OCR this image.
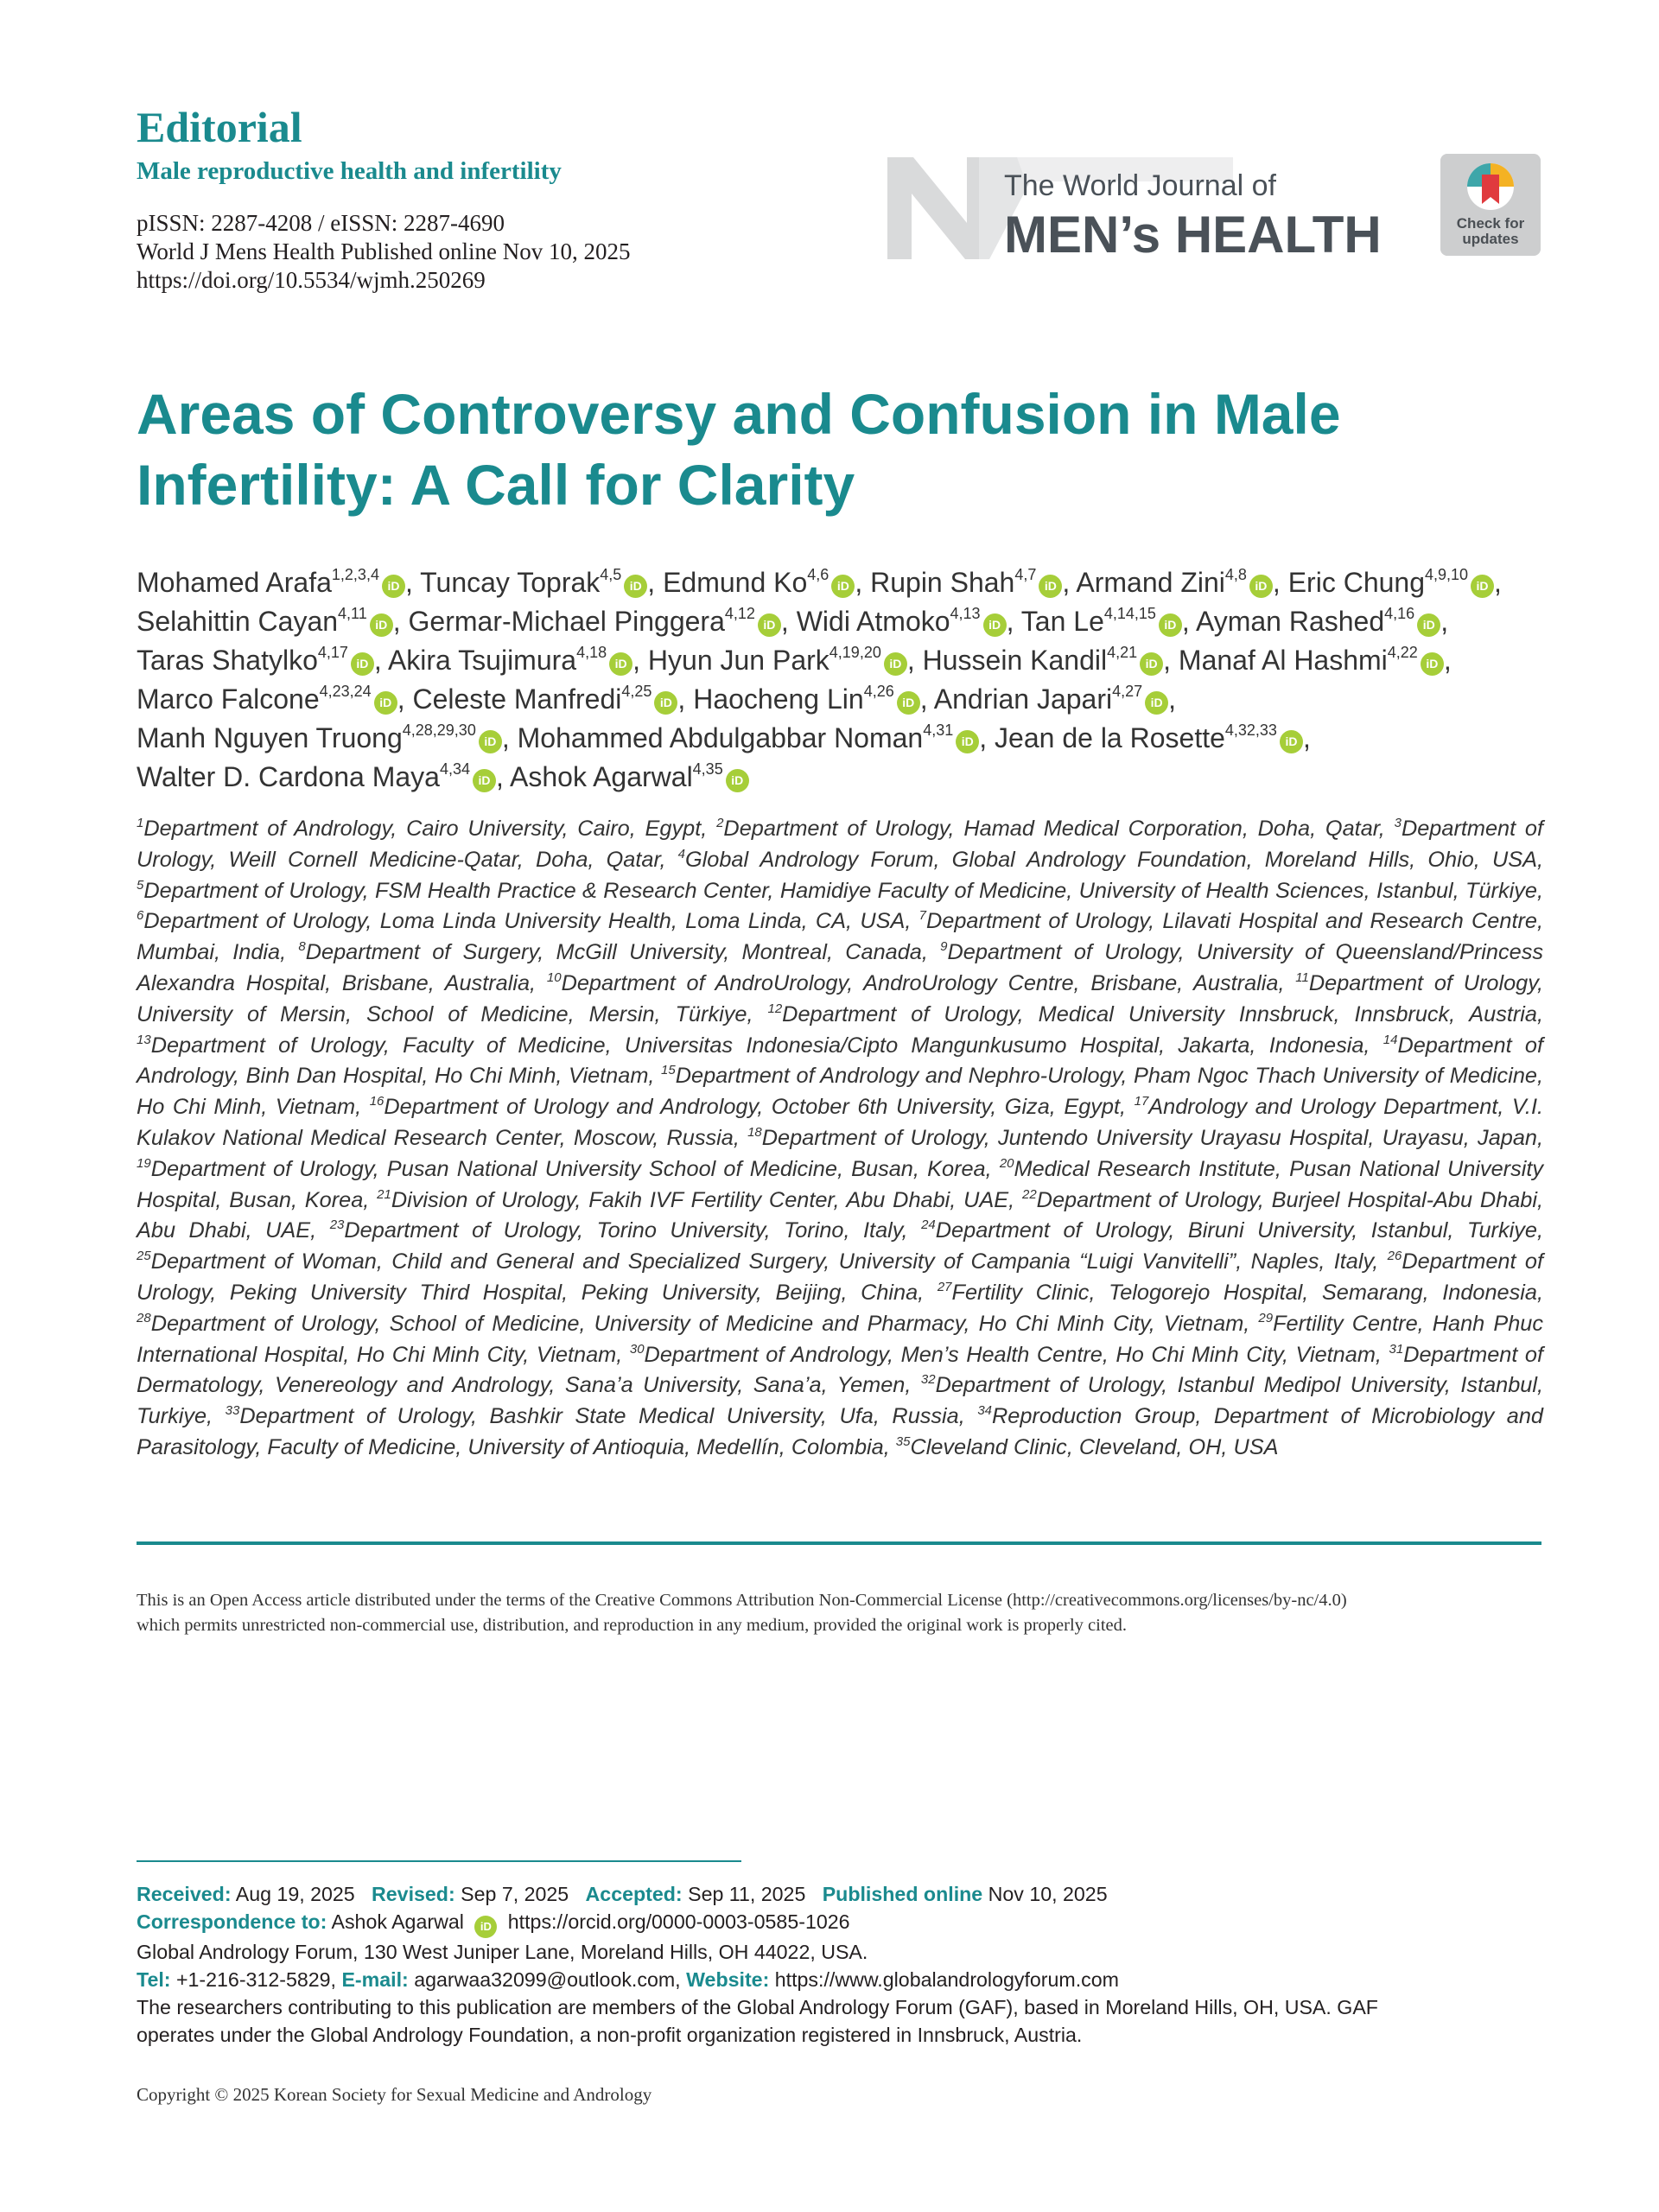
Editorial
Male reproductive health and infertility
pISSN: 2287-4208 / eISSN: 2287-4690
World J Mens Health Published online Nov 10, 2025
https://doi.org/10.5534/wjmh.250269
The World Journal of
MEN’s HEALTH	Check for
updates
Areas of Controversy and Confusion in Male
Infertility: A Call for Clarity
Mohamed Arafa$^{1,2,3,4}$iD , Tuncay Toprak$^{4,5}$iD , Edmund Ko$^{4,6}$iD , Rupin Shah$^{4,7}$iD , Armand Zini$^{4,8}$iD , Eric Chung$^{4,9,10}$iD , Selahittin Cayan$^{4,11}$iD , Germar-Michael Pinggera$^{4,12}$iD , Widi Atmoko$^{4,13}$iD , Tan Le$^{4,14,15}$iD , Ayman Rashed$^{4,16}$iD , Taras Shatylko$^{4,17}$iD , Akira Tsujimura$^{4,18}$iD , Hyun Jun Park$^{4,19,20}$iD , Hussein Kandil$^{4,21}$iD , Manaf Al Hashmi$^{4,22}$iD , Marco Falcone$^{4,23,24}$iD , Celeste Manfredi$^{4,25}$iD , Haocheng Lin$^{4,26}$iD , Andrian Japari$^{4,27}$iD , Manh Nguyen Truong$^{4,28,29,30}$iD , Mohammed Abdulgabbar Noman$^{4,31}$iD , Jean de la Rosette$^{4,32,33}$iD , Walter D. Cardona Maya$^{4,34}$iD , Ashok Agarwal$^{4,35}$iD
$^1$Department of Andrology, Cairo University, Cairo, Egypt, $^2$Department of Urology, Hamad Medical Corporation, Doha, Qatar, $^3$Department of Urology, Weill Cornell Medicine-Qatar, Doha, Qatar, $^4$Global Andrology Forum, Global Andrology Foundation, Moreland Hills, Ohio, USA, $^5$Department of Urology, FSM Health Practice & Research Center, Hamidiye Faculty of Medicine, University of Health Sciences, Istanbul, Türkiye, $^6$Department of Urology, Loma Linda University Health, Loma Linda, CA, USA, $^7$Department of Urology, Lilavati Hospital and Research Centre, Mumbai, India, $^8$Department of Surgery, McGill University, Montreal, Canada, $^9$Department of Urology, University of Queensland/Princess Alexandra Hospital, Brisbane, Australia, $^{10}$Department of AndroUrology, AndroUrology Centre, Brisbane, Australia, $^{11}$Department of Urology, University of Mersin, School of Medicine, Mersin, Türkiye, $^{12}$Department of Urology, Medical University Innsbruck, Innsbruck, Austria, $^{13}$Department of Urology, Faculty of Medicine, Universitas Indonesia/Cipto Mangunkusumo Hospital, Jakarta, Indonesia, $^{14}$Department of Andrology, Binh Dan Hospital, Ho Chi Minh, Vietnam, $^{15}$Department of Andrology and Nephro-Urology, Pham Ngoc Thach University of Medicine, Ho Chi Minh, Vietnam, $^{16}$Department of Urology and Andrology, October 6th University, Giza, Egypt, $^{17}$Andrology and Urology Department, V.I. Kulakov National Medical Research Center, Moscow, Russia, $^{18}$Department of Urology, Juntendo University Urayasu Hospital, Urayasu, Japan, $^{19}$Department of Urology, Pusan National University School of Medicine, Busan, Korea, $^{20}$Medical Research Institute, Pusan National University Hospital, Busan, Korea, $^{21}$Division of Urology, Fakih IVF Fertility Center, Abu Dhabi, UAE, $^{22}$Department of Urology, Burjeel Hospital-Abu Dhabi, Abu Dhabi, UAE, $^{23}$Department of Urology, Torino University, Torino, Italy, $^{24}$Department of Urology, Biruni University, Istanbul, Turkiye, $^{25}$Department of Woman, Child and General and Specialized Surgery, University of Campania “Luigi Vanvitelli”, Naples, Italy, $^{26}$Department of Urology, Peking University Third Hospital, Peking University, Beijing, China, $^{27}$Fertility Clinic, Telogorejo Hospital, Semarang, Indonesia, $^{28}$Department of Urology, School of Medicine, University of Medicine and Pharmacy, Ho Chi Minh City, Vietnam, $^{29}$Fertility Centre, Hanh Phuc International Hospital, Ho Chi Minh City, Vietnam, $^{30}$Department of Andrology, Men’s Health Centre, Ho Chi Minh City, Vietnam, $^{31}$Department of Dermatology, Venereology and Andrology, Sana’a University, Sana’a, Yemen, $^{32}$Department of Urology, Istanbul Medipol University, Istanbul, Turkiye, $^{33}$Department of Urology, Bashkir State Medical University, Ufa, Russia, $^{34}$Reproduction Group, Department of Microbiology and Parasitology, Faculty of Medicine, University of Antioquia, Medellín, Colombia, $^{35}$Cleveland Clinic, Cleveland, OH, USA
This is an Open Access article distributed under the terms of the Creative Commons Attribution Non-Commercial License (http://creativecommons.org/licenses/by-nc/4.0)
which permits unrestricted non-commercial use, distribution, and reproduction in any medium, provided the original work is properly cited.
Received: Aug 19, 2025 Revised: Sep 7, 2025 Accepted: Sep 11, 2025 Published online Nov 10, 2025
Correspondence to: Ashok Agarwal iD https://orcid.org/0000-0003-0585-1026
Global Andrology Forum, 130 West Juniper Lane, Moreland Hills, OH 44022, USA.
Tel: +1-216-312-5829, E-mail: agarwaa32099@outlook.com, Website: https://www.globalandrologyforum.com
The researchers contributing to this publication are members of the Global Andrology Forum (GAF), based in Moreland Hills, OH, USA. GAF
operates under the Global Andrology Foundation, a non-profit organization registered in Innsbruck, Austria.
Copyright © 2025 Korean Society for Sexual Medicine and Andrology
